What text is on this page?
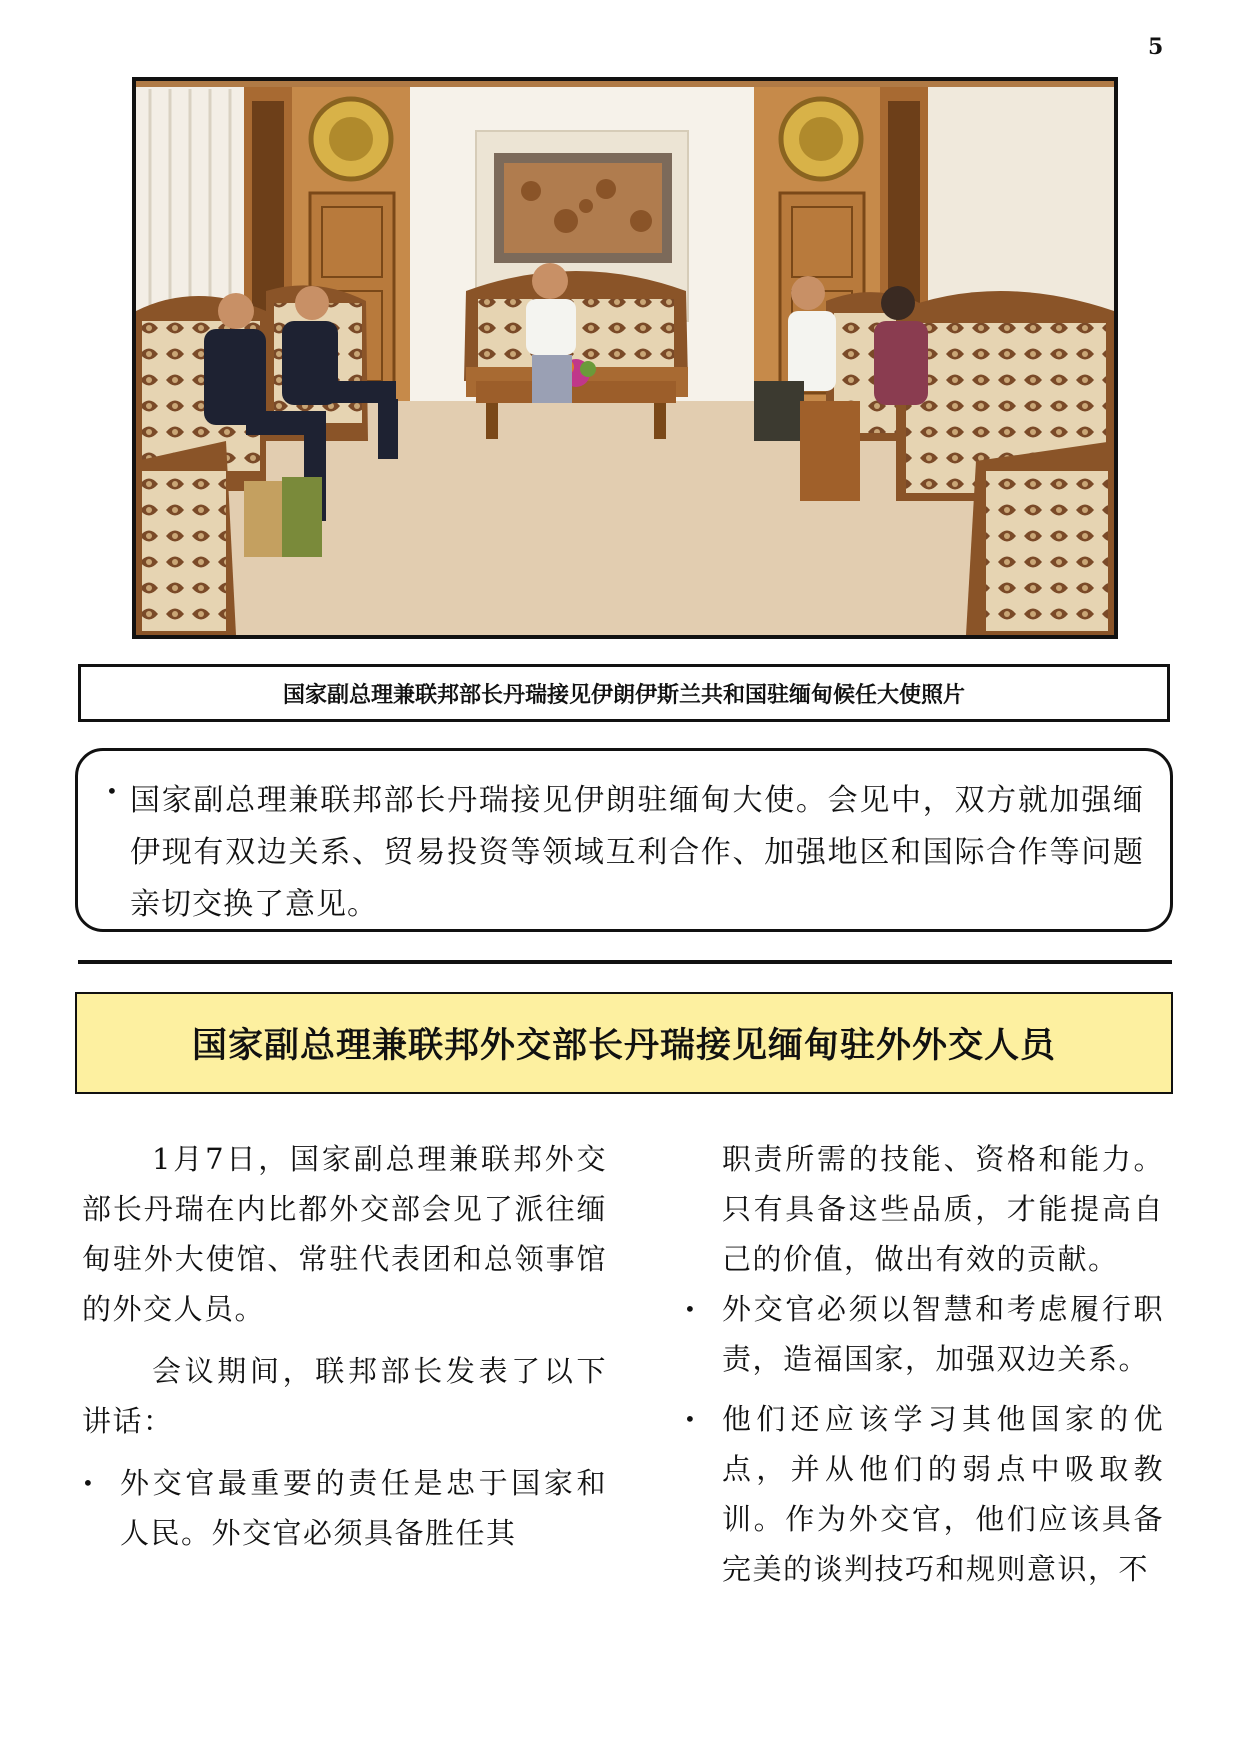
5
国家副总理兼联邦部长丹瑞接见伊朗伊斯兰共和国驻缅甸候任大使照片
• 国家副总理兼联邦部长丹瑞接见伊朗驻缅甸大使。会见中，双方就加强缅伊现有双边关系、贸易投资等领域互利合作、加强地区和国际合作等问题亲切交换了意见。
国家副总理兼联邦外交部长丹瑞接见缅甸驻外外交人员

1月7日，国家副总理兼联邦外交部长丹瑞在内比都外交部会见了派往缅甸驻外大使馆、常驻代表团和总领事馆的外交人员。

会议期间，联邦部长发表了以下讲话：

• 外交官最重要的责任是忠于国家和人民。外交官必须具备胜任其

职责所需的技能、资格和能力。只有具备这些品质，才能提高自己的价值，做出有效的贡献。

• 外交官必须以智慧和考虑履行职责，造福国家，加强双边关系。
• 他们还应该学习其他国家的优点，并从他们的弱点中吸取教训。作为外交官，他们应该具备完美的谈判技巧和规则意识，不
